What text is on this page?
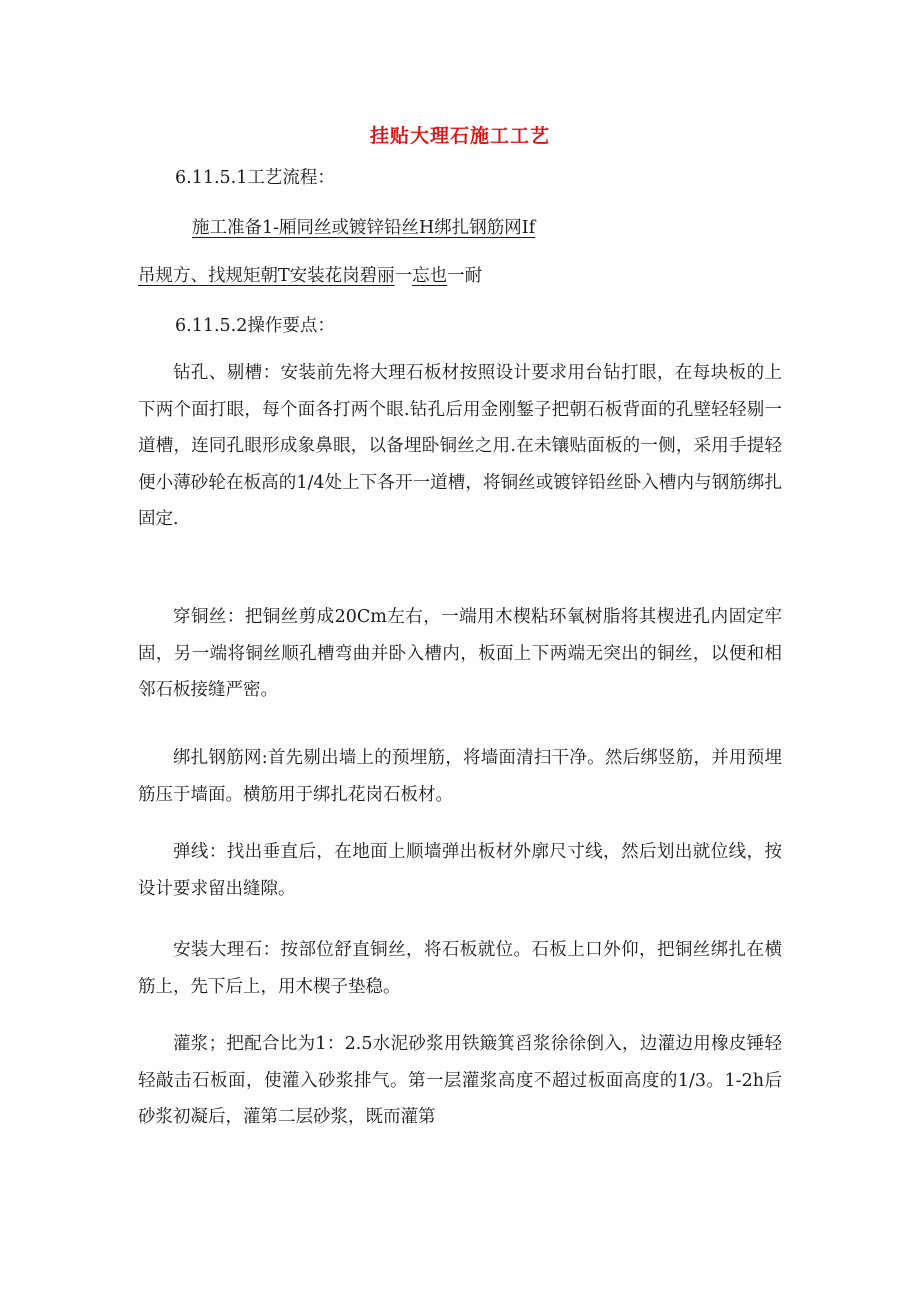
挂贴大理石施工工艺
6.11.5.1工艺流程：
施工准备1-厢同丝或镀锌铅丝H绑扎钢筋网If
吊规方、找规矩朝T安装花岗碧丽一忘也一耐
6.11.5.2操作要点：

钻孔、剔槽：安装前先将大理石板材按照设计要求用台钻打眼，在每块板的上下两个面打眼，每个面各打两个眼.钻孔后用金刚錾子把朝石板背面的孔壁轻轻剔一道槽，连同孔眼形成象鼻眼，以备埋卧铜丝之用.在未镶贴面板的一侧，采用手提轻便小薄砂轮在板高的1/4处上下各开一道槽，将铜丝或镀锌铅丝卧入槽内与钢筋绑扎固定.

穿铜丝：把铜丝剪成20Cm左右，一端用木楔粘环氧树脂将其楔进孔内固定牢固，另一端将铜丝顺孔槽弯曲并卧入槽内，板面上下两端无突出的铜丝，以便和相邻石板接缝严密。

绑扎钢筋网:首先剔出墙上的预埋筋，将墙面清扫干净。然后绑竖筋，并用预埋筋压于墙面。横筋用于绑扎花岗石板材。

弹线：找出垂直后，在地面上顺墙弹出板材外廓尺寸线，然后划出就位线，按设计要求留出缝隙。

安装大理石：按部位舒直铜丝，将石板就位。石板上口外仰，把铜丝绑扎在横筋上，先下后上，用木楔子垫稳。

灌浆；把配合比为1：2.5水泥砂浆用铁簸箕舀浆徐徐倒入，边灌边用橡皮锤轻轻敲击石板面，使灌入砂浆排气。第一层灌浆高度不超过板面高度的1/3。1-2h后砂浆初凝后，灌第二层砂浆，既而灌第
